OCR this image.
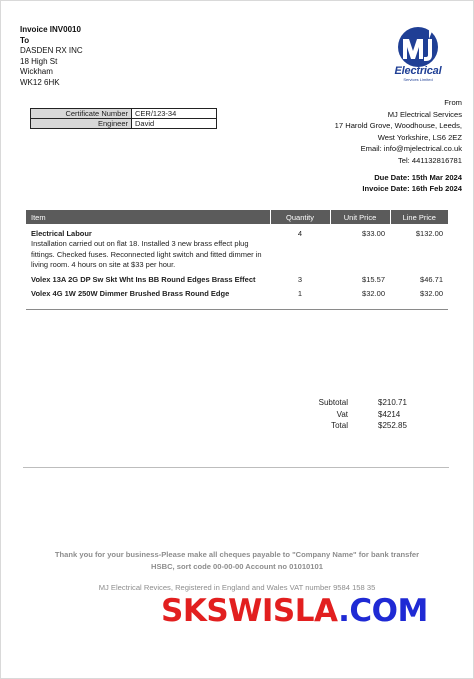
Invoice INV0010
To
DASDEN RX INC
18 High St
Wickham
WK12 6HK
Electrical
Services Limited
Certificate Number	CER/123-34
Engineer	David
From
MJ Electrical Services
17 Harold Grove, Woodhouse, Leeds,
West Yorkshire, LS6 2EZ
Email: info@mjelectrical.co.uk
Tel: 441132816781
Due Date: 15th Mar 2024
Invoice Date: 16th Feb 2024
Item	Quantity	Unit Price	Line Price

Electrical Labour
Installation carried out on flat 18. Installed 3 new brass effect plug fittings. Checked fuses. Reconnected light switch and fitted dimmer in living room. 4 hours on site at $33 per hour.	4	$33.00	$132.00

Volex 13A 2G DP Sw Skt Wht Ins BB Round Edges Brass Effect	3	$15.57	$46.71

Volex 4G 1W 250W Dimmer Brushed Brass Round Edge	1	$32.00	$32.00
Subtotal	$210.71
Vat	$4214
Total	$252.85
Thank you for your business-Please make all cheques payable to "Company Name" for bank transfer
HSBC, sort code 00-00-00 Account no 01010101
MJ Electrical Revices, Registered in England and Wales VAT number 9584 158 35
SKSWISLA.COM
